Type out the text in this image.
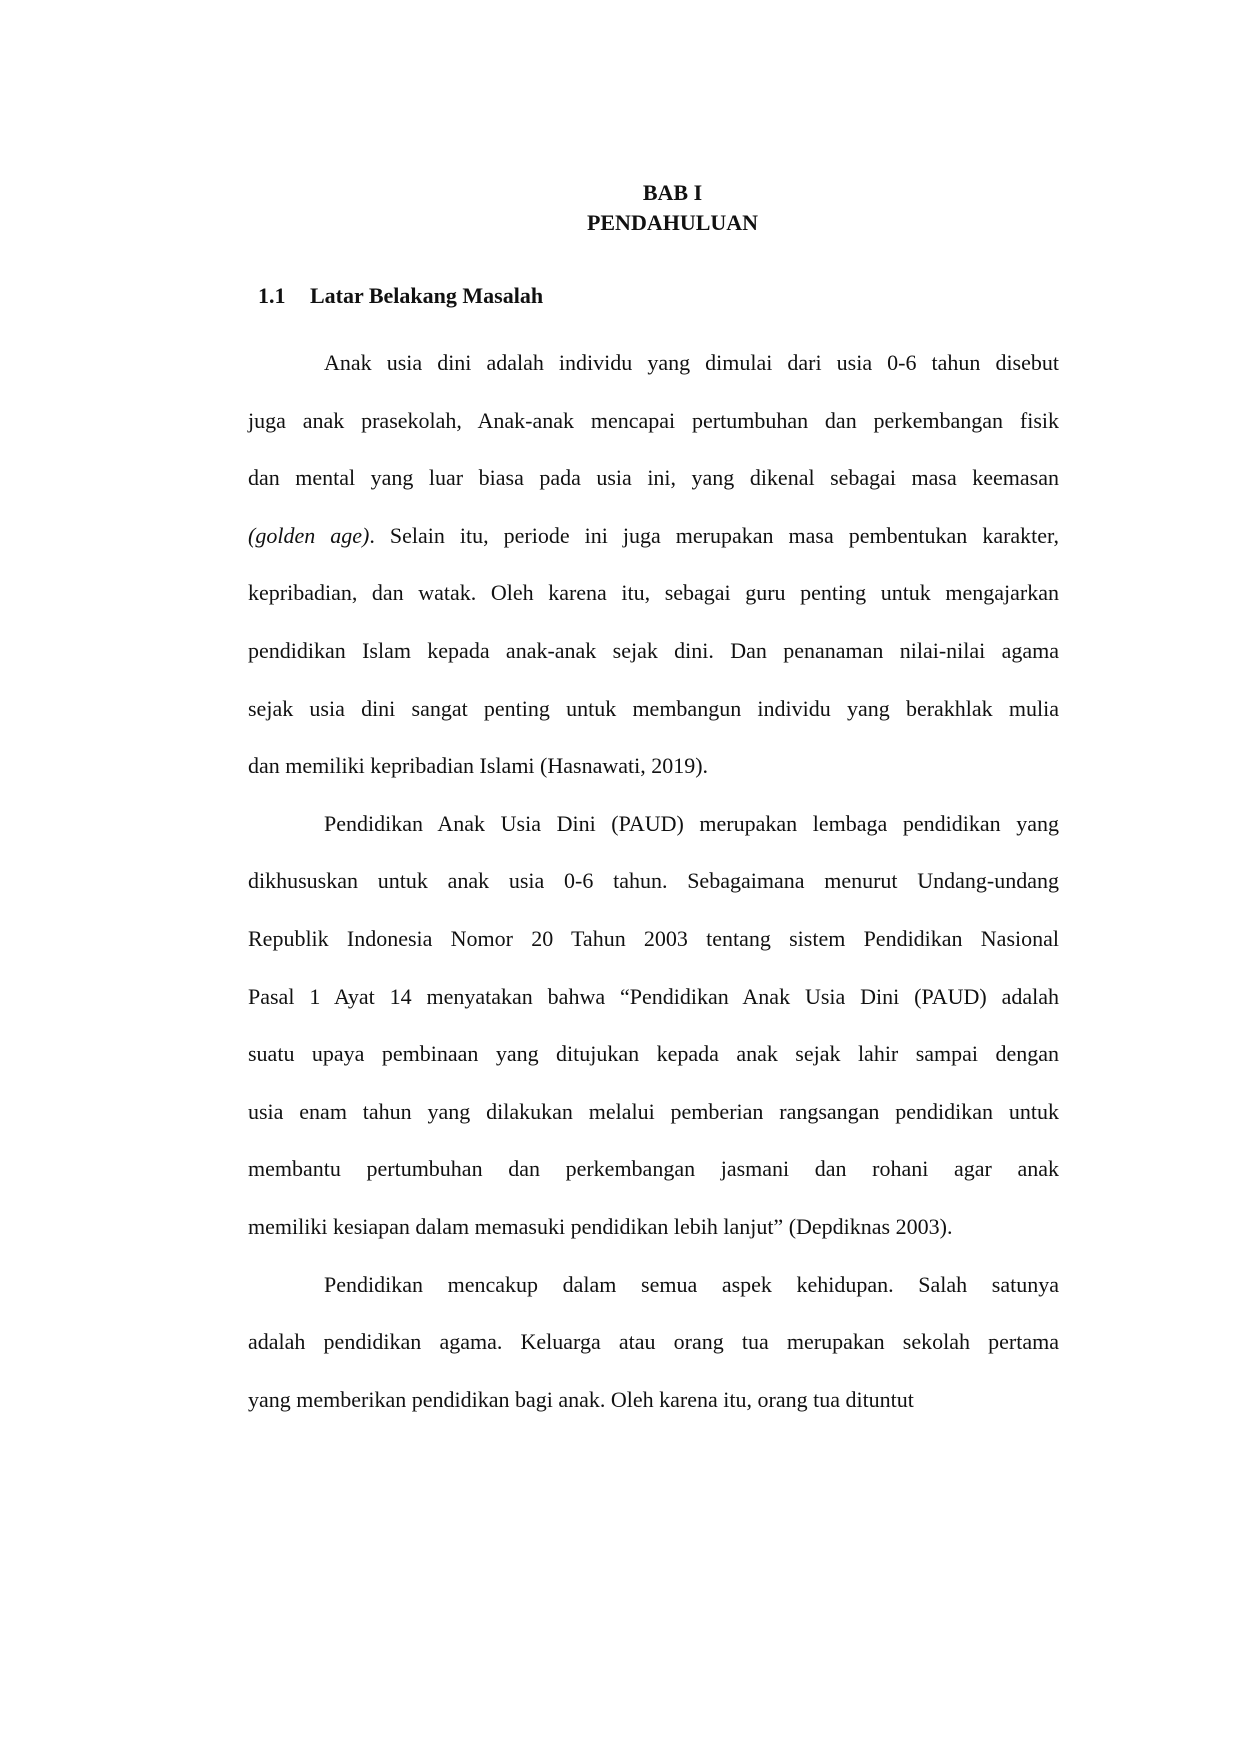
BAB I
PENDAHULUAN
1.1 Latar Belakang Masalah
Anak usia dini adalah individu yang dimulai dari usia 0-6 tahun disebut
juga anak prasekolah, Anak-anak mencapai pertumbuhan dan perkembangan fisik
dan mental yang luar biasa pada usia ini, yang dikenal sebagai masa keemasan
(golden age). Selain itu, periode ini juga merupakan masa pembentukan karakter,
kepribadian, dan watak. Oleh karena itu, sebagai guru penting untuk mengajarkan
pendidikan Islam kepada anak-anak sejak dini. Dan penanaman nilai-nilai agama
sejak usia dini sangat penting untuk membangun individu yang berakhlak mulia
dan memiliki kepribadian Islami (Hasnawati, 2019).
Pendidikan Anak Usia Dini (PAUD) merupakan lembaga pendidikan yang
dikhususkan untuk anak usia 0-6 tahun. Sebagaimana menurut Undang-undang
Republik Indonesia Nomor 20 Tahun 2003 tentang sistem Pendidikan Nasional
Pasal 1 Ayat 14 menyatakan bahwa “Pendidikan Anak Usia Dini (PAUD) adalah
suatu upaya pembinaan yang ditujukan kepada anak sejak lahir sampai dengan
usia enam tahun yang dilakukan melalui pemberian rangsangan pendidikan untuk
membantu pertumbuhan dan perkembangan jasmani dan rohani agar anak
memiliki kesiapan dalam memasuki pendidikan lebih lanjut” (Depdiknas 2003).
Pendidikan mencakup dalam semua aspek kehidupan. Salah satunya
adalah pendidikan agama. Keluarga atau orang tua merupakan sekolah pertama
yang memberikan pendidikan bagi anak. Oleh karena itu, orang tua dituntut
